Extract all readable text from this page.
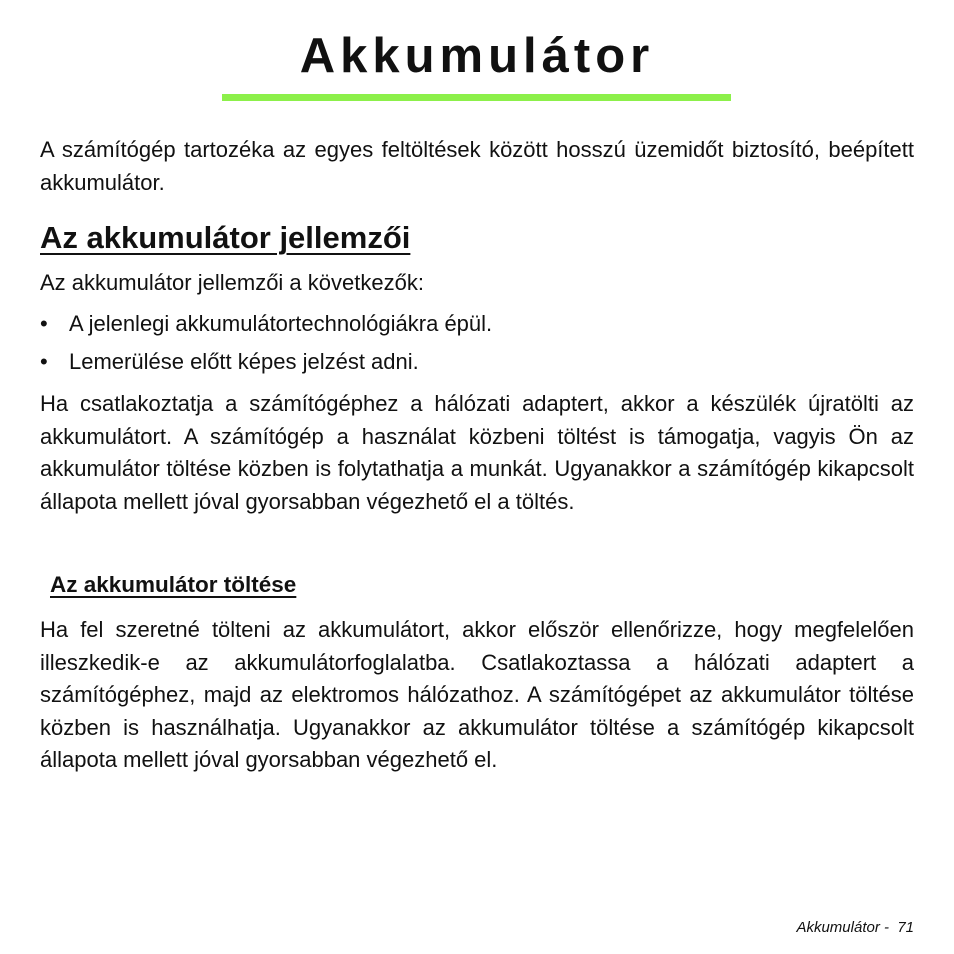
Akkumulátor

A számítógép tartozéka az egyes feltöltések között hosszú üzemidőt biztosító, beépített akkumulátor.

Az akkumulátor jellemzői

Az akkumulátor jellemzői a következők:

• A jelenlegi akkumulátortechnológiákra épül.
• Lemerülése előtt képes jelzést adni.

Ha csatlakoztatja a számítógéphez a hálózati adaptert, akkor a készülék újratölti az akkumulátort. A számítógép a használat közbeni töltést is támogatja, vagyis Ön az akkumulátor töltése közben is folytathatja a munkát. Ugyanakkor a számítógép kikapcsolt állapota mellett jóval gyorsabban végezhető el a töltés.

Az akkumulátor töltése

Ha fel szeretné tölteni az akkumulátort, akkor először ellenőrizze, hogy megfelelően illeszkedik-e az akkumulátorfoglalatba. Csatlakoztassa a hálózati adaptert a számítógéphez, majd az elektromos hálózathoz. A számítógépet az akkumulátor töltése közben is használhatja. Ugyanakkor az akkumulátor töltése a számítógép kikapcsolt állapota mellett jóval gyorsabban végezhető el.

Akkumulátor -  71
